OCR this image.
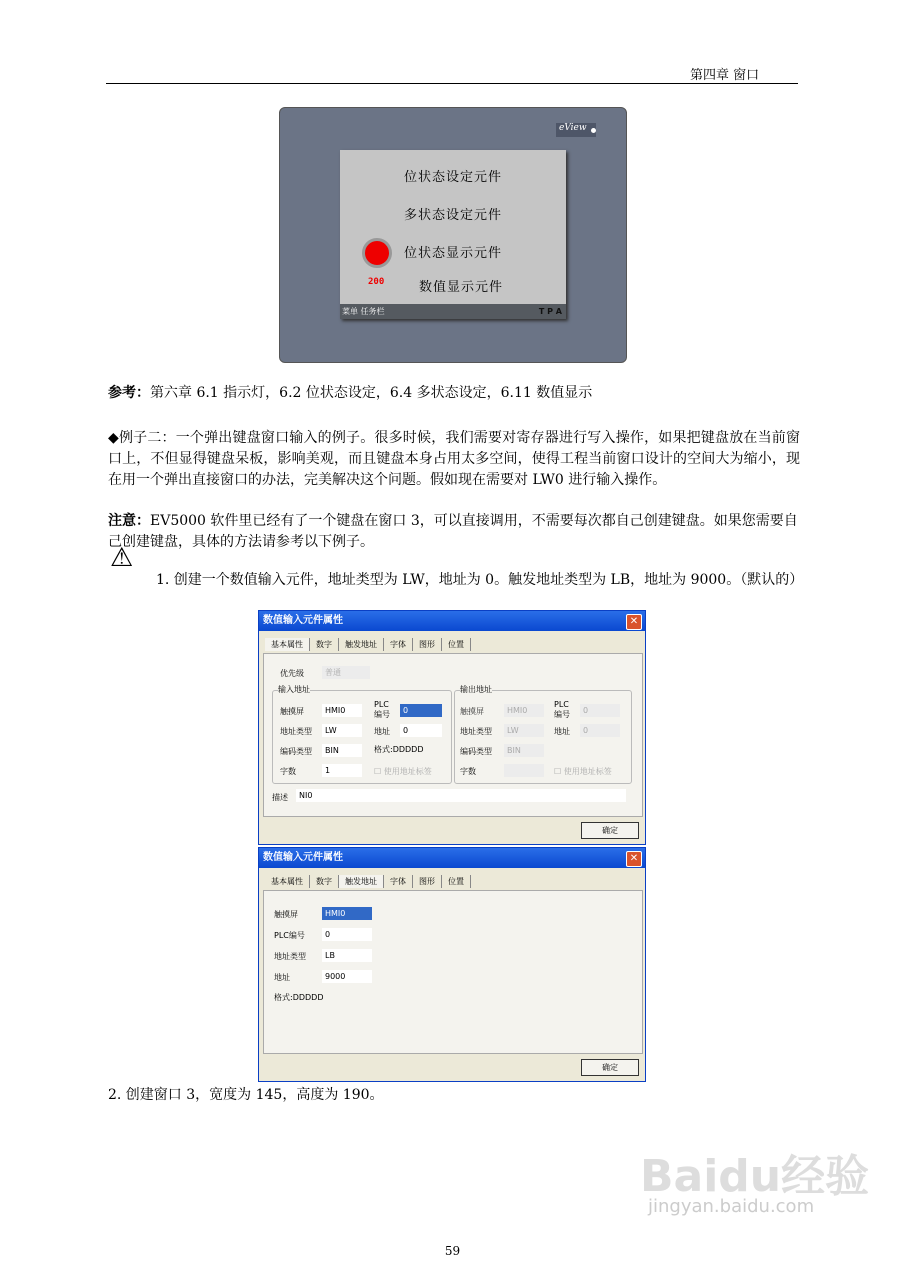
第四章 窗口
eView
位状态设定元件
多状态设定元件
位状态显示元件
数值显示元件
200
菜单 任务栏	T P A
参考：第六章 6.1 指示灯，6.2 位状态设定，6.4 多状态设定，6.11 数值显示
◆例子二：一个弹出键盘窗口输入的例子。很多时候，我们需要对寄存器进行写入操作，如果把键盘放在当前窗口上，不但显得键盘呆板，影响美观，而且键盘本身占用太多空间，使得工程当前窗口设计的空间大为缩小，现在用一个弹出直接窗口的办法，完美解决这个问题。假如现在需要对 LW0 进行输入操作。
注意：EV5000 软件里已经有了一个键盘在窗口 3，可以直接调用，不需要每次都自己创建键盘。如果您需要自己创建键盘，具体的方法请参考以下例子。
⚠
1. 创建一个数值输入元件，地址类型为 LW，地址为 0。触发地址类型为 LB，地址为 9000。（默认的）
数值输入元件属性	✕
基本属性	数字	触发地址	字体	图形	位置
优先级	普通
输入地址	输出地址
触摸屏	HMI0
PLC编号	0
地址类型	LW	地址	0
编码类型	BIN	格式:DDDDD
字数	1	☐ 使用地址标签
触摸屏	HMI0
PLC编号	0
地址类型	LW	地址	0
编码类型	BIN
字数	☐ 使用地址标签
描述	NI0
确定
数值输入元件属性	✕
基本属性	数字	触发地址	字体	图形	位置
触摸屏	HMI0
PLC编号	0
地址类型	LB
地址	9000
格式:DDDDD
确定
2. 创建窗口 3，宽度为 145，高度为 190。
Baidu经验
jingyan.baidu.com
59
